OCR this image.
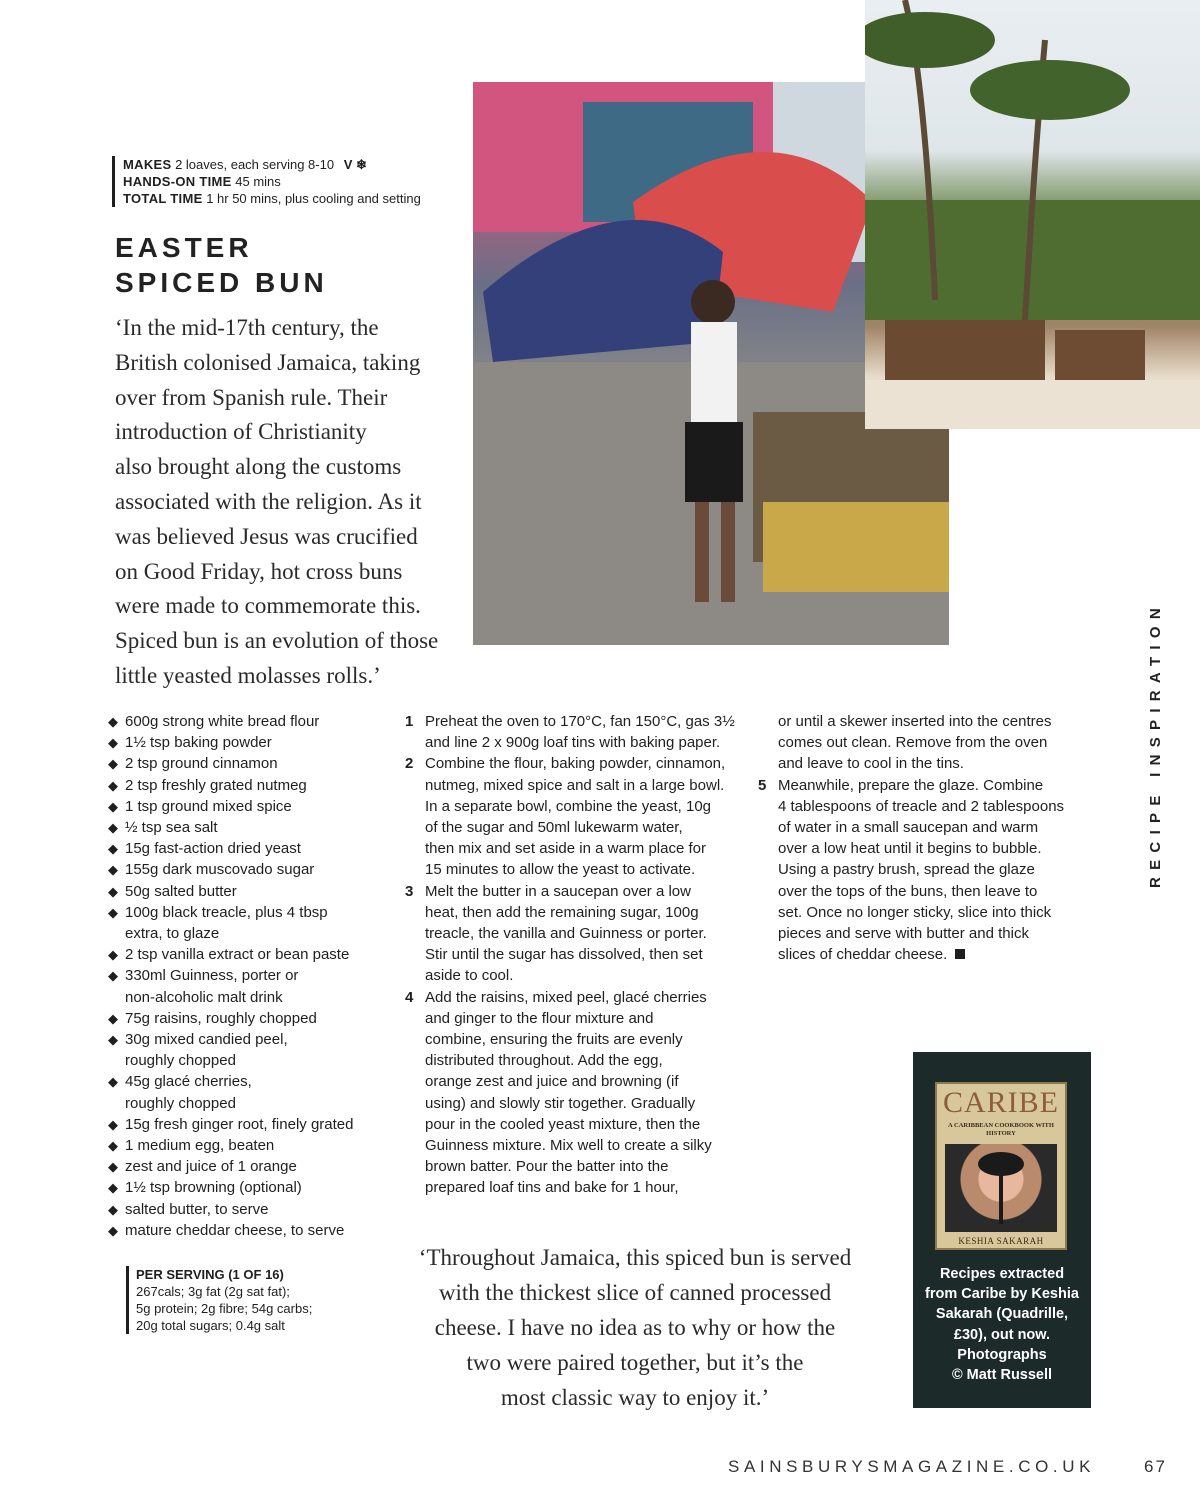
MAKES 2 loaves, each serving 8-10 V ❄
HANDS-ON TIME 45 mins
TOTAL TIME 1 hr 50 mins, plus cooling and setting
EASTER
SPICED BUN
‘In the mid-17th century, the
British colonised Jamaica, taking
over from Spanish rule. Their
introduction of Christianity
also brought along the customs
associated with the religion. As it
was believed Jesus was crucified
on Good Friday, hot cross buns
were made to commemorate this.
Spiced bun is an evolution of those
little yeasted molasses rolls.’
◆ 600g strong white bread flour
◆ 1½ tsp baking powder
◆ 2 tsp ground cinnamon
◆ 2 tsp freshly grated nutmeg
◆ 1 tsp ground mixed spice
◆ ½ tsp sea salt
◆ 15g fast-action dried yeast
◆ 155g dark muscovado sugar
◆ 50g salted butter
◆ 100g black treacle, plus 4 tbsp
extra, to glaze
◆ 2 tsp vanilla extract or bean paste
◆ 330ml Guinness, porter or
non-alcoholic malt drink
◆ 75g raisins, roughly chopped
◆ 30g mixed candied peel,
roughly chopped
◆ 45g glacé cherries,
roughly chopped
◆ 15g fresh ginger root, finely grated
◆ 1 medium egg, beaten
◆ zest and juice of 1 orange
◆ 1½ tsp browning (optional)
◆ salted butter, to serve
◆ mature cheddar cheese, to serve
1 Preheat the oven to 170°C, fan 150°C, gas 3½
and line 2 x 900g loaf tins with baking paper.
2 Combine the flour, baking powder, cinnamon,
nutmeg, mixed spice and salt in a large bowl.
In a separate bowl, combine the yeast, 10g
of the sugar and 50ml lukewarm water,
then mix and set aside in a warm place for
15 minutes to allow the yeast to activate.
3 Melt the butter in a saucepan over a low
heat, then add the remaining sugar, 100g
treacle, the vanilla and Guinness or porter.
Stir until the sugar has dissolved, then set
aside to cool.
4 Add the raisins, mixed peel, glacé cherries
and ginger to the flour mixture and
combine, ensuring the fruits are evenly
distributed throughout. Add the egg,
orange zest and juice and browning (if
using) and slowly stir together. Gradually
pour in the cooled yeast mixture, then the
Guinness mixture. Mix well to create a silky
brown batter. Pour the batter into the
prepared loaf tins and bake for 1 hour,
or until a skewer inserted into the centres
comes out clean. Remove from the oven
and leave to cool in the tins.
5 Meanwhile, prepare the glaze. Combine
4 tablespoons of treacle and 2 tablespoons
of water in a small saucepan and warm
over a low heat until it begins to bubble.
Using a pastry brush, spread the glaze
over the tops of the buns, then leave to
set. Once no longer sticky, slice into thick
pieces and serve with butter and thick
slices of cheddar cheese.
PER SERVING (1 OF 16)
267cals; 3g fat (2g sat fat);
5g protein; 2g fibre; 54g carbs;
20g total sugars; 0.4g salt
‘Throughout Jamaica, this spiced bun is served
with the thickest slice of canned processed
cheese. I have no idea as to why or how the
two were paired together, but it’s the
most classic way to enjoy it.’
CARIBE
A CARIBBEAN COOKBOOK WITH HISTORY
KESHIA SAKARAH
Recipes extracted
from Caribe by Keshia
Sakarah (Quadrille,
£30), out now.
Photographs
© Matt Russell
RECIPE INSPIRATION
SAINSBURYSMAGAZINE.CO.UK	67
